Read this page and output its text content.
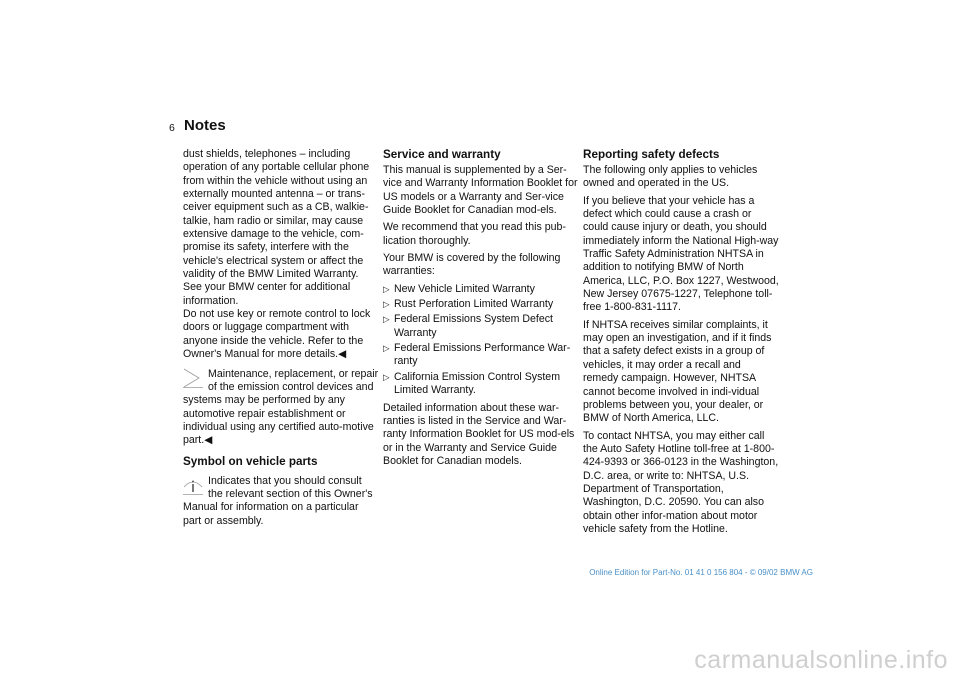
6 Notes

dust shields, telephones – including operation of any portable cellular phone from within the vehicle without using an externally mounted antenna – or trans-ceiver equipment such as a CB, walkie-talkie, ham radio or similar, may cause extensive damage to the vehicle, com-promise its safety, interfere with the vehicle's electrical system or affect the validity of the BMW Limited Warranty. See your BMW center for additional information.

Do not use key or remote control to lock doors or luggage compartment with anyone inside the vehicle. Refer to the Owner's Manual for more details.◀

Maintenance, replacement, or repair of the emission control devices and systems may be performed by any automotive repair establishment or individual using any certified auto-motive part.◀
Symbol on vehicle parts
Indicates that you should consult the relevant section of this Owner's Manual for information on a particular part or assembly.
Service and warranty

This manual is supplemented by a Ser-vice and Warranty Information Booklet for US models or a Warranty and Ser-vice Guide Booklet for Canadian mod-els.

We recommend that you read this pub-lication thoroughly.

Your BMW is covered by the following warranties:

▷ New Vehicle Limited Warranty
▷ Rust Perforation Limited Warranty
▷ Federal Emissions System Defect Warranty
▷ Federal Emissions Performance War-ranty
▷ California Emission Control System Limited Warranty.

Detailed information about these war-ranties is listed in the Service and War-ranty Information Booklet for US mod-els or in the Warranty and Service Guide Booklet for Canadian models.

Reporting safety defects

The following only applies to vehicles owned and operated in the US.

If you believe that your vehicle has a defect which could cause a crash or could cause injury or death, you should immediately inform the National High-way Traffic Safety Administration NHTSA in addition to notifying BMW of North America, LLC, P.O. Box 1227, Westwood, New Jersey 07675-1227, Telephone toll-free 1-800-831-1117.

If NHTSA receives similar complaints, it may open an investigation, and if it finds that a safety defect exists in a group of vehicles, it may order a recall and remedy campaign. However, NHTSA cannot become involved in indi-vidual problems between you, your dealer, or BMW of North America, LLC.

To contact NHTSA, you may either call the Auto Safety Hotline toll-free at 1-800-424-9393 or 366-0123 in the Washington, D.C. area, or write to: NHTSA, U.S. Department of Transportation, Washington, D.C. 20590. You can also obtain other infor-mation about motor vehicle safety from the Hotline.

Online Edition for Part-No. 01 41 0 156 804 - © 09/02 BMW AG
carmanualsonline.info
